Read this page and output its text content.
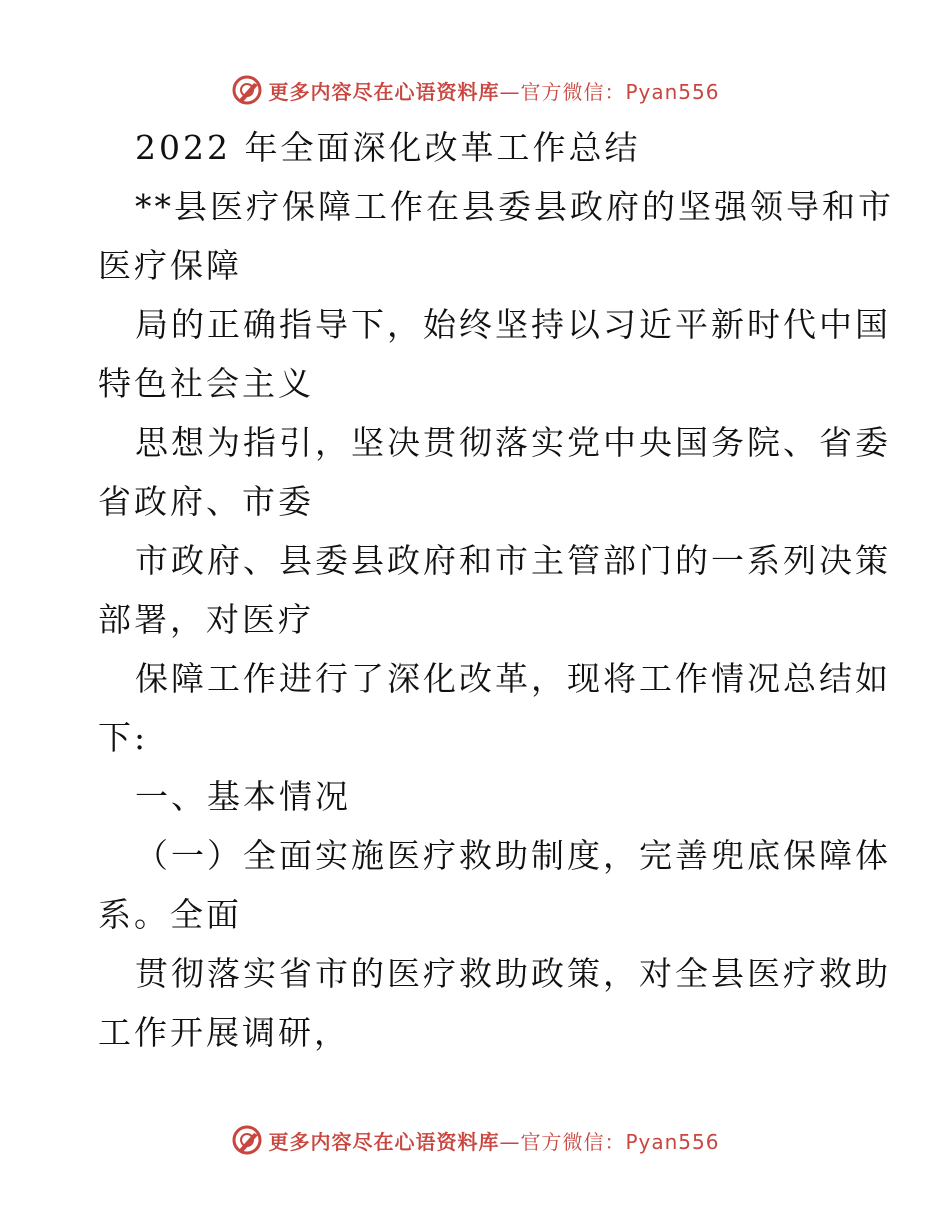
更多内容尽在心语资料库—官方微信：Pyan556
2022 年全面深化改革工作总结
**县医疗保障工作在县委县政府的坚强领导和市
医疗保障
局的正确指导下，始终坚持以习近平新时代中国
特色社会主义
思想为指引，坚决贯彻落实党中央国务院、省委
省政府、市委
市政府、县委县政府和市主管部门的一系列决策
部署，对医疗
保障工作进行了深化改革，现将工作情况总结如
下:
一、基本情况
（一）全面实施医疗救助制度，完善兜底保障体
系。全面
贯彻落实省市的医疗救助政策，对全县医疗救助
工作开展调研，
更多内容尽在心语资料库—官方微信：Pyan556
